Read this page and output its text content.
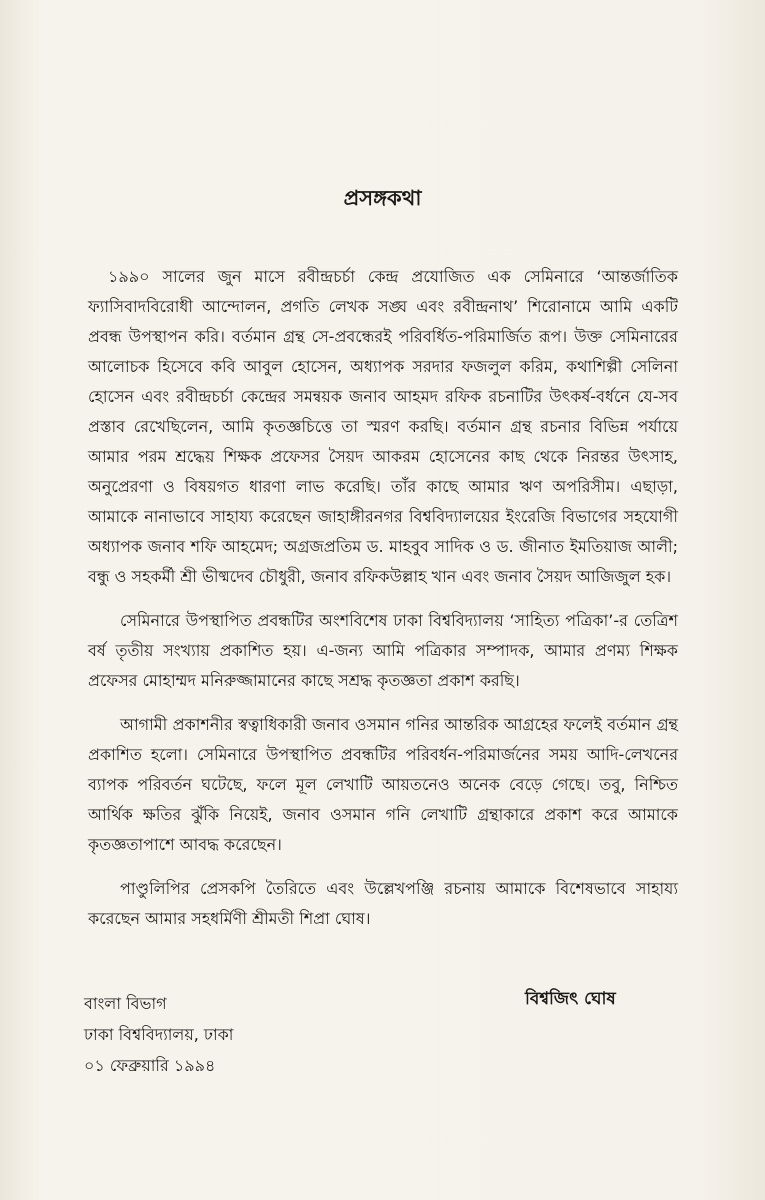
প্রসঙ্গকথা

১৯৯০ সালের জুন মাসে রবীন্দ্রচর্চা কেন্দ্র প্রযোজিত এক সেমিনারে ‘আন্তর্জাতিক ফ্যাসিবাদবিরোধী আন্দোলন, প্রগতি লেখক সঙ্ঘ এবং রবীন্দ্রনাথ’ শিরোনামে আমি একটি প্রবন্ধ উপস্থাপন করি। বর্তমান গ্রন্থ সে-প্রবন্ধেরই পরিবর্ধিত-পরিমার্জিত রূপ। উক্ত সেমিনারের আলোচক হিসেবে কবি আবুল হোসেন, অধ্যাপক সরদার ফজলুল করিম, কথাশিল্পী সেলিনা হোসেন এবং রবীন্দ্রচর্চা কেন্দ্রের সমন্বয়ক জনাব আহমদ রফিক রচনাটির উৎকর্ষ-বর্ধনে যে-সব প্রস্তাব রেখেছিলেন, আমি কৃতজ্ঞচিত্তে তা স্মরণ করছি। বর্তমান গ্রন্থ রচনার বিভিন্ন পর্যায়ে আমার পরম শ্রদ্ধেয় শিক্ষক প্রফেসর সৈয়দ আকরম হোসেনের কাছ থেকে নিরন্তর উৎসাহ, অনুপ্রেরণা ও বিষয়গত ধারণা লাভ করেছি। তাঁর কাছে আমার ঋণ অপরিসীম। এছাড়া, আমাকে নানাভাবে সাহায্য করেছেন জাহাঙ্গীরনগর বিশ্ববিদ্যালয়ের ইংরেজি বিভাগের সহযোগী অধ্যাপক জনাব শফি আহমেদ; অগ্রজপ্রতিম ড. মাহবুব সাদিক ও ড. জীনাত ইমতিয়াজ আলী; বন্ধু ও সহকর্মী শ্রী ভীষ্মদেব চৌধুরী, জনাব রফিকউল্লাহ খান এবং জনাব সৈয়দ আজিজুল হক।

সেমিনারে উপস্থাপিত প্রবন্ধটির অংশবিশেষ ঢাকা বিশ্ববিদ্যালয় ‘সাহিত্য পত্রিকা’-র তেত্রিশ বর্ষ তৃতীয় সংখ্যায় প্রকাশিত হয়। এ-জন্য আমি পত্রিকার সম্পাদক, আমার প্রণম্য শিক্ষক প্রফেসর মোহাম্মদ মনিরুজ্জামানের কাছে সশ্রদ্ধ কৃতজ্ঞতা প্রকাশ করছি।

আগামী প্রকাশনীর স্বত্বাধিকারী জনাব ওসমান গনির আন্তরিক আগ্রহের ফলেই বর্তমান গ্রন্থ প্রকাশিত হলো। সেমিনারে উপস্থাপিত প্রবন্ধটির পরিবর্ধন-পরিমার্জনের সময় আদি-লেখনের ব্যাপক পরিবর্তন ঘটেছে, ফলে মূল লেখাটি আয়তনেও অনেক বেড়ে গেছে। তবু, নিশ্চিত আর্থিক ক্ষতির ঝুঁকি নিয়েই, জনাব ওসমান গনি লেখাটি গ্রন্থাকারে প্রকাশ করে আমাকে কৃতজ্ঞতাপাশে আবদ্ধ করেছেন।

পাণ্ডুলিপির প্রেসকপি তৈরিতে এবং উল্লেখপঞ্জি রচনায় আমাকে বিশেষভাবে সাহায্য করেছেন আমার সহধর্মিণী শ্রীমতী শিপ্রা ঘোষ।

বাংলা বিভাগ
ঢাকা বিশ্ববিদ্যালয়, ঢাকা
০১ ফেব্রুয়ারি ১৯৯৪
বিশ্বজিৎ ঘোষ
